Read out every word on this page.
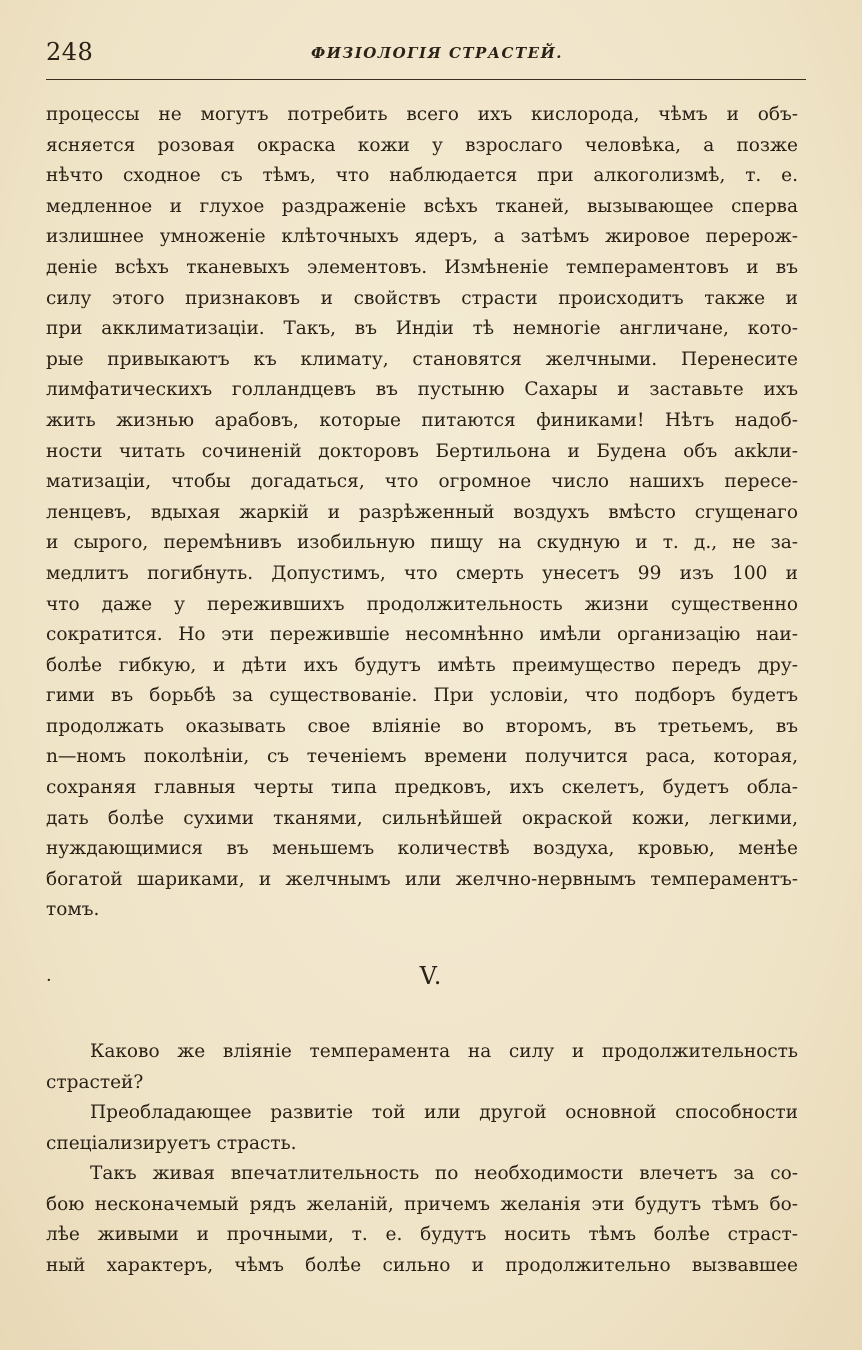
248	ФИЗIОЛОГIЯ СТРАСТЕЙ.
процессы не могутъ потребить всего ихъ кислорода, чѣмъ и объ-
ясняется розовая окраска кожи у взрослаго человѣка, а позже
нѣчто сходное съ тѣмъ, что наблюдается при алкоголизмѣ, т. е.
медленное и глухое раздраженiе всѣхъ тканей, вызывающее сперва
излишнее умноженiе клѣточныхъ ядеръ, а затѣмъ жировое перерож-
денiе всѣхъ тканевыхъ элементовъ. Измѣненiе темпераментовъ и въ
силу этого признаковъ и свойствъ страсти происходитъ также и
при акклиматизацiи. Такъ, въ Индiи тѣ немногiе англичане, кото-
рые привыкаютъ къ климату, становятся желчными. Перенесите
лимфатическихъ голландцевъ въ пустыню Сахары и заставьте ихъ
жить жизнью арабовъ, которые питаются финиками! Нѣтъ надоб-
ности читать сочиненiй докторовъ Бертильона и Будена объ акkли-
матизацiи, чтобы догадаться, что огромное число нашихъ пересе-
ленцевъ, вдыхая жаркiй и разрѣженный воздухъ вмѣсто сгущенаго
и сырого, перемѣнивъ изобильную пищу на скудную и т. д., не за-
медлитъ погибнуть. Допустимъ, что смерть унесетъ 99 изъ 100 и
что даже у пережившихъ продолжительность жизни существенно
сократится. Но эти пережившiе несомнѣнно имѣли организацiю наи-
болѣе гибкую, и дѣти ихъ будутъ имѣть преимущество передъ дру-
гими въ борьбѣ за существованiе. При условiи, что подборъ будетъ
продолжать оказывать свое влiянiе во второмъ, въ третьемъ, въ
n—номъ поколѣнiи, съ теченiемъ времени получится раса, которая,
сохраняя главныя черты типа предковъ, ихъ скелетъ, будетъ обла-
дать болѣе сухими тканями, сильнѣйшей окраской кожи, легкими,
нуждающимися въ меньшемъ количествѣ воздуха, кровью, менѣе
богатой шариками, и желчнымъ или желчно-нервнымъ темпераментъ-
томъ.
·	V.
Каково же влiянiе темперамента на силу и продолжительность
страстей?
Преобладающее развитiе той или другой основной способности
спецiализируетъ страсть.
Такъ живая впечатлительность по необходимости влечетъ за со-
бою несконачемый рядъ желанiй, причемъ желанiя эти будутъ тѣмъ бо-
лѣе живыми и прочными, т. е. будутъ носить тѣмъ болѣе страст-
ный характеръ, чѣмъ болѣе сильно и продолжительно вызвавшее
